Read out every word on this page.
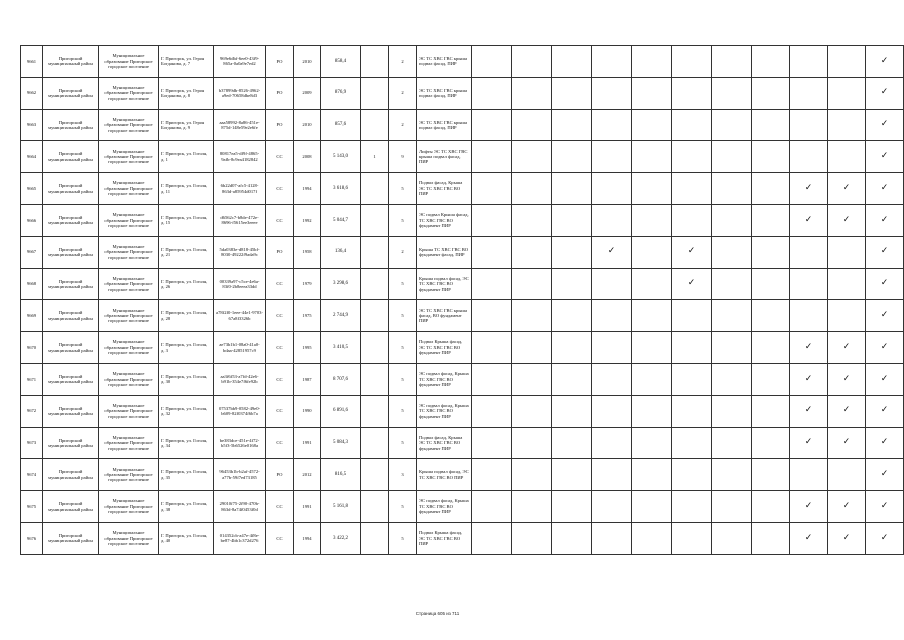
9661	Пригорский муниципальный район	Муниципальное образование Пригорское городское поселение	Г. Пригорск, ул. Героя Богданова, д. 7	969e6dbf-6ee0-43f9-865a-0a0a9e7ed2	РО	2010	858,4		2	ЭС ТС ХВС ГВС крыша подвал фасад, ПИР											✓
9662	Пригорский муниципальный район	Муниципальное образование Пригорское городское поселение	Г. Пригорск, ул. Героя Богданова, д. 8	b37899db-8526-4962-a9ed-70658dbe8d3	РО	2009	876,9		2	ЭС ТС ХВС ГВС крыша подвал фасад, ПИР											✓
9663	Пригорский муниципальный район	Муниципальное образование Пригорское городское поселение	Г. Пригорск, ул. Героя Богданова, д. 9	aaa58992-8a86-451e-875d-148e59e2e6fe	РО	2010	857,6		2	ЭС ТС ХВС ГВС крыша подвал фасад, ПИР											✓
9664	Пригорский муниципальный район	Муниципальное образование Пригорское городское поселение	Г. Пригорск, ул. Гоголя, д. 1	80817ea5-df9f-4865-9afb-8c9ea4182842	СС	2008	5 143,0	1	9	Лифты ЭС ТС ХВС ГВС крыша подвал фасад, ПИР											✓
9665	Пригорский муниципальный район	Муниципальное образование Пригорское городское поселение	Г. Пригорск, ул. Гоголя, д. 11	6b22d07-afc5-4128-863d-a85954d017f	СС	1994	3 618,6		5	Подвал фасад, Крыша ЭС ТС ХВС ГВС ВО ПИР									✓	✓	✓
9666	Пригорский муниципальный район	Муниципальное образование Пригорское городское поселение	Г. Пригорск, ул. Гоголя, д. 15	d6562c7-b8de-472e-8696-f5615ee3eeee	СС	1992	5 044,7		5	ЭС подвал Крыша фасад, ТС ХВС ГВС ВО фундамент ПИР									✓	✓	✓
9667	Пригорский муниципальный район	Муниципальное образование Пригорское городское поселение	Г. Пригорск, ул. Гоголя, д. 21	5da0383e-d818-45bf-8030-49222f9ada9c	РО	1958	136,4		2	Крыша ТС ХВС ГВС ВО фундамент фасад, ПИР				✓		✓					✓
9668	Пригорский муниципальный район	Муниципальное образование Пригорское городское поселение	Г. Пригорск, ул. Гоголя, д. 26	00339a97-c5ce-4e6a-83f0-2b8eeea33dd	СС	1979	3 298,6		5	Крыша подвал фасад, ЭС ТС ХВС ГВС ВО фундамент ПИР						✓					✓
9669	Пригорский муниципальный район	Муниципальное образование Пригорское городское поселение	Г. Пригорск, ул. Гоголя, д. 28	a78f2f0-1eee-44e1-9703-67a8f3326b	СС	1975	2 744,9		5	ЭС ТС ХВС ГВС крыша фасад, ВО фундамент ПИР											✓
9670	Пригорский муниципальный район	Муниципальное образование Пригорское городское поселение	Г. Пригорск, ул. Гоголя, д. 3	ae73b1b1-08a0-41a0-bdaa-42851957c9	СС	1995	3 410,5		5	Подвал Крыша фасад, ЭС ТС ХВС ГВС ВО фундамент ПИР									✓	✓	✓
9671	Пригорский муниципальный район	Муниципальное образование Пригорское городское поселение	Г. Пригорск, ул. Гоголя, д. 30	aa3f6f53-a7fd-42e6-b91b-354e7f6fe92b	СС	1987	8 707,6		5	ЭС подвал фасад, Крыша ТС ХВС ГВС ВО фундамент ПИР									✓	✓	✓
9672	Пригорский муниципальный район	Муниципальное образование Пригорское городское поселение	Г. Пригорск, ул. Гоголя, д. 32	07537bb9-0582-49e0-b609-82f0374f6b7a	СС	1990	6 891,6		5	ЭС подвал фасад, Крыша ТС ХВС ГВС ВО фундамент ПИР									✓	✓	✓
9673	Пригорский муниципальный район	Муниципальное образование Пригорское городское поселение	Г. Пригорск, ул. Гоголя, д. 34	be383dce-451e-4f72-b5f3-5b6526e0168a	СС	1991	5 084,3		5	Подвал фасад, Крыша ЭС ТС ХВС ГВС ВО фундамент ПИР									✓	✓	✓
9674	Пригорский муниципальный район	Муниципальное образование Пригорское городское поселение	Г. Пригорск, ул. Гоголя, д. 35	96453b1b-b2af-4572-a77b-59f7ed73185	РО	2012	816,5		3	Крыша подвал фасад, ЭС ТС ХВС ГВС ВО ПИР											✓
9675	Пригорский муниципальный район	Муниципальное образование Пригорское городское поселение	Г. Пригорск, ул. Гоголя, д. 38	29010f75-2f90-470b-863d-8a74f0453f0d	СС	1991	5 161,8		5	ЭС подвал фасад, Крыша ТС ХВС ГВС ВО фундамент ПИР									✓	✓	✓
9676	Пригорский муниципальный район	Муниципальное образование Пригорское городское поселение	Г. Пригорск, ул. Гоголя, д. 40	014352cb-a47e-4f8e-be87-4bb1c372d276	СС	1994	3 422,2		5	Подвал Крыша фасад, ЭС ТС ХВС ГВС ВО ПИР									✓	✓	✓
Страница 605 из 711
